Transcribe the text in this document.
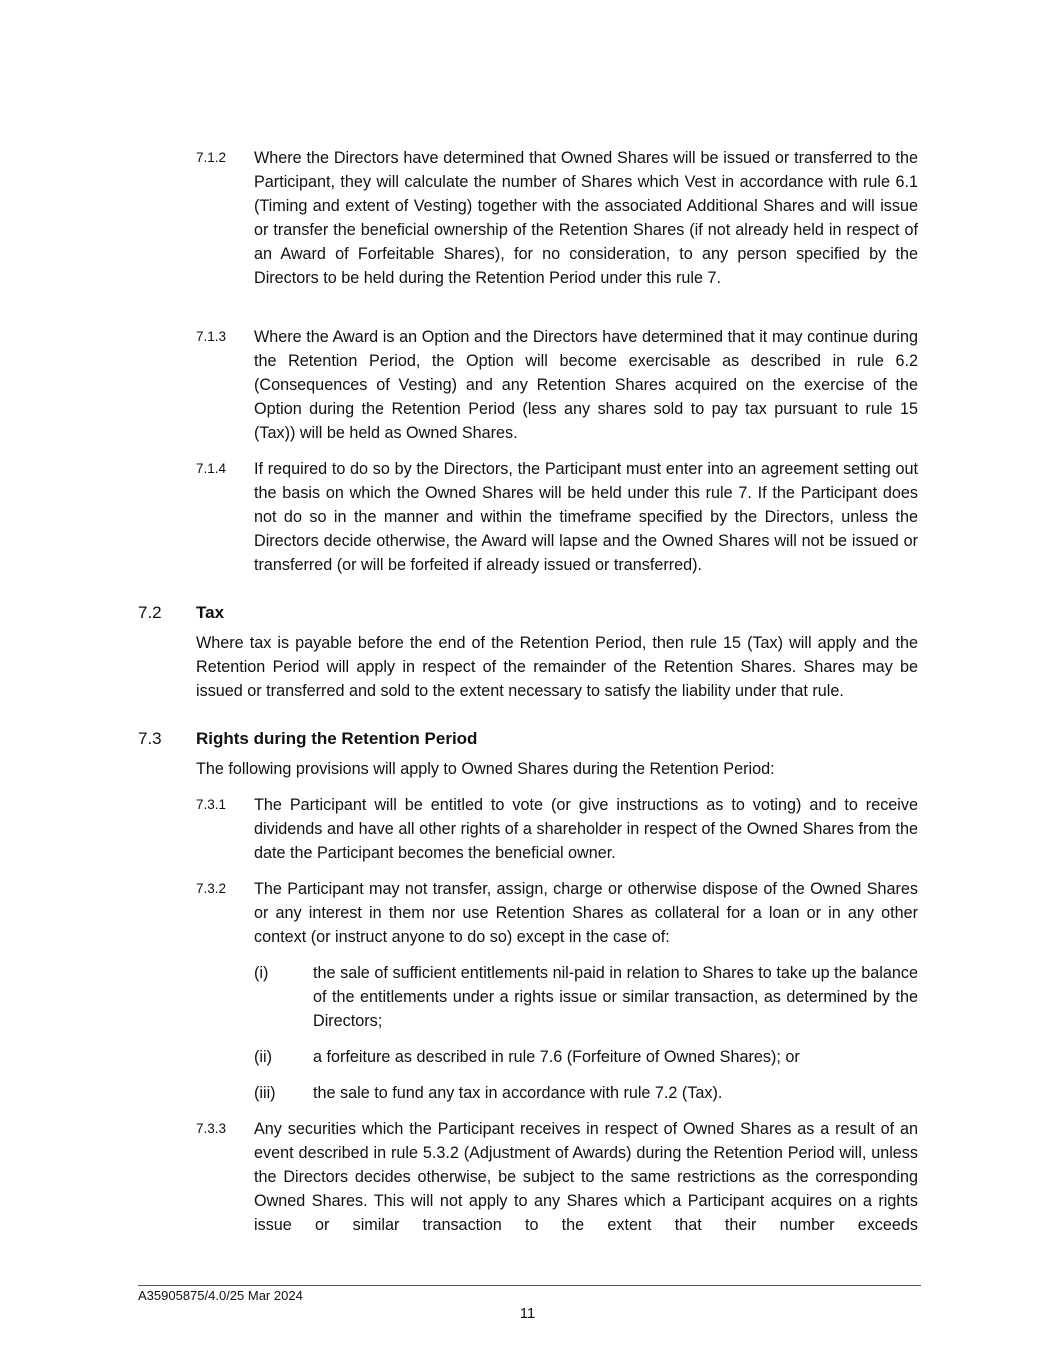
7.1.2 Where the Directors have determined that Owned Shares will be issued or transferred to the Participant, they will calculate the number of Shares which Vest in accordance with rule 6.1 (Timing and extent of Vesting) together with the associated Additional Shares and will issue or transfer the beneficial ownership of the Retention Shares (if not already held in respect of an Award of Forfeitable Shares), for no consideration, to any person specified by the Directors to be held during the Retention Period under this rule 7.

7.1.3 Where the Award is an Option and the Directors have determined that it may continue during the Retention Period, the Option will become exercisable as described in rule 6.2 (Consequences of Vesting) and any Retention Shares acquired on the exercise of the Option during the Retention Period (less any shares sold to pay tax pursuant to rule 15 (Tax)) will be held as Owned Shares.

7.1.4 If required to do so by the Directors, the Participant must enter into an agreement setting out the basis on which the Owned Shares will be held under this rule 7. If the Participant does not do so in the manner and within the timeframe specified by the Directors, unless the Directors decide otherwise, the Award will lapse and the Owned Shares will not be issued or transferred (or will be forfeited if already issued or transferred).

7.2 Tax

Where tax is payable before the end of the Retention Period, then rule 15 (Tax) will apply and the Retention Period will apply in respect of the remainder of the Retention Shares. Shares may be issued or transferred and sold to the extent necessary to satisfy the liability under that rule.

7.3 Rights during the Retention Period

The following provisions will apply to Owned Shares during the Retention Period:

7.3.1 The Participant will be entitled to vote (or give instructions as to voting) and to receive dividends and have all other rights of a shareholder in respect of the Owned Shares from the date the Participant becomes the beneficial owner.

7.3.2 The Participant may not transfer, assign, charge or otherwise dispose of the Owned Shares or any interest in them nor use Retention Shares as collateral for a loan or in any other context (or instruct anyone to do so) except in the case of:

(i)	the sale of sufficient entitlements nil-paid in relation to Shares to take up the balance of the entitlements under a rights issue or similar transaction, as determined by the Directors;

(ii)	a forfeiture as described in rule 7.6 (Forfeiture of Owned Shares); or

(iii) the sale to fund any tax in accordance with rule 7.2 (Tax).

7.3.3 Any securities which the Participant receives in respect of Owned Shares as a result of an event described in rule 5.3.2 (Adjustment of Awards) during the Retention Period will, unless the Directors decides otherwise, be subject to the same restrictions as the corresponding Owned Shares. This will not apply to any Shares which a Participant acquires on a rights issue or similar transaction to the extent that their number exceeds

A35905875/4.0/25 Mar 2024
11
